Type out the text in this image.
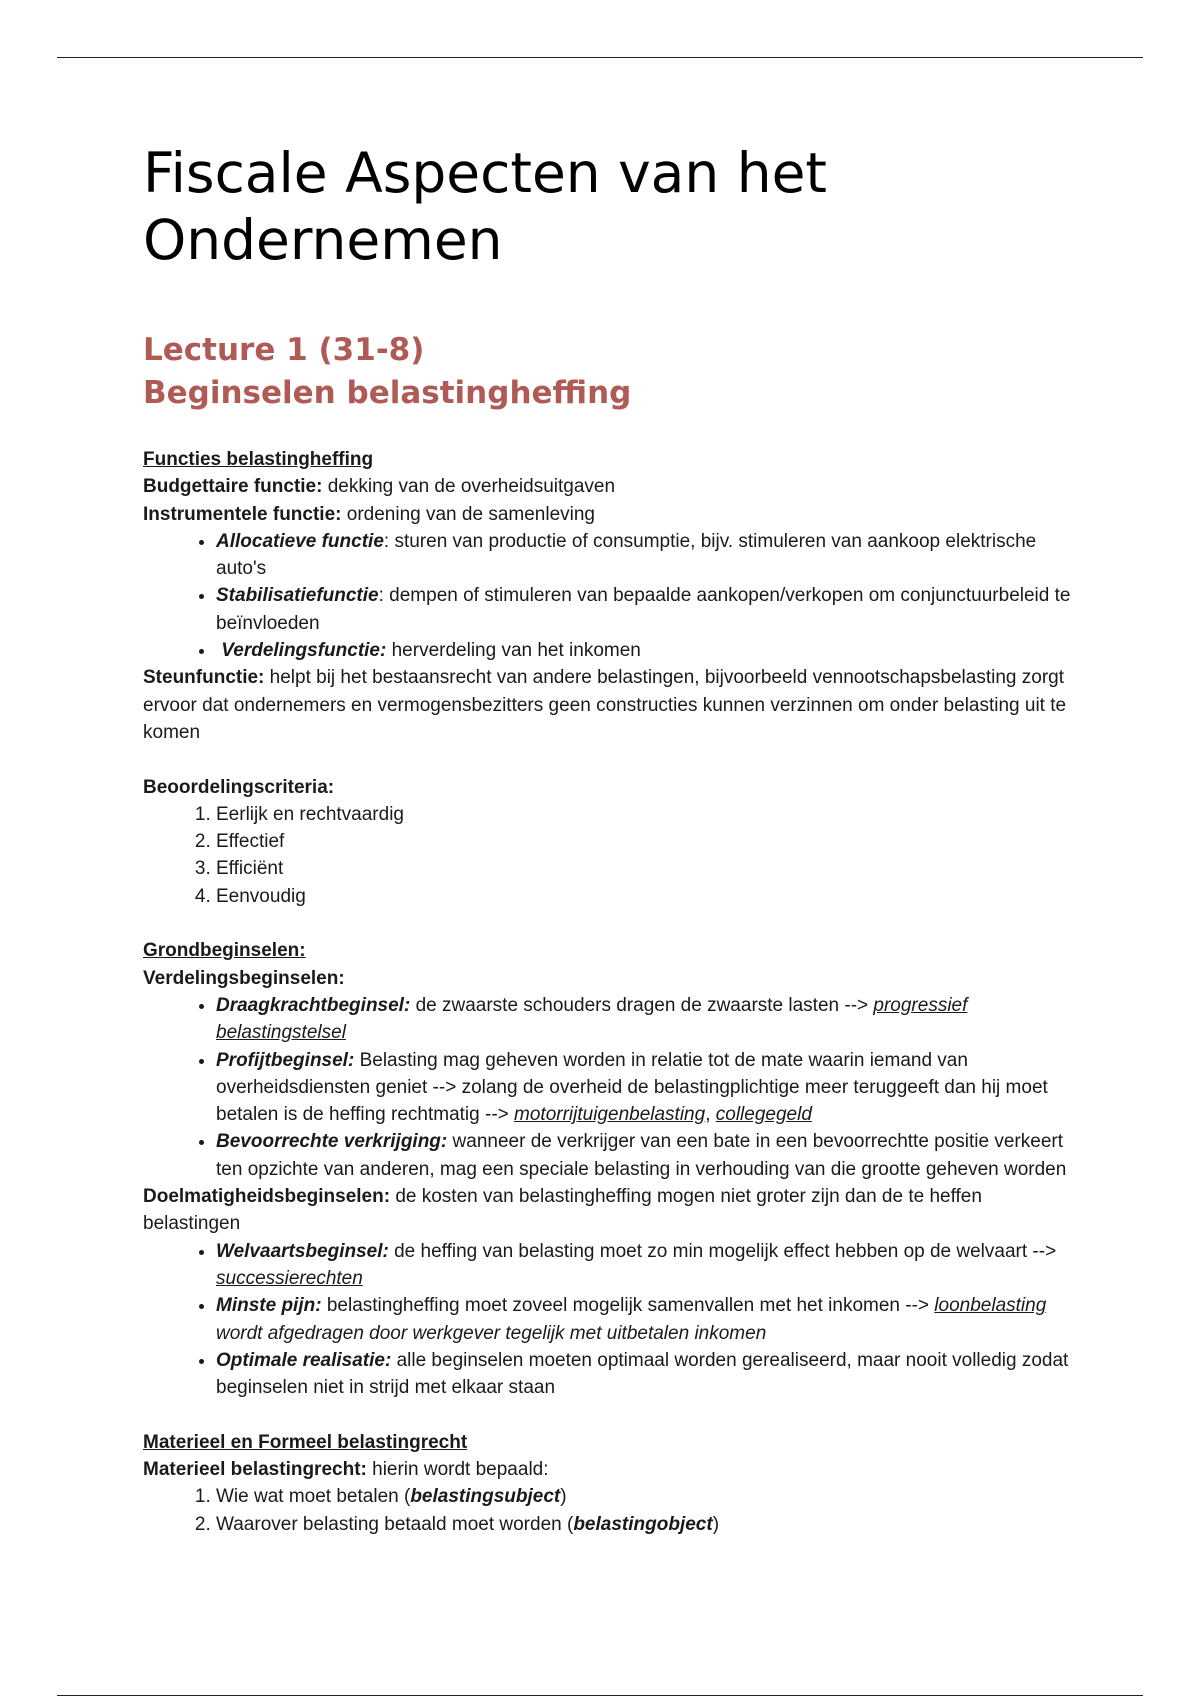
Fiscale Aspecten van het Ondernemen
Lecture 1 (31-8)
Beginselen belastingheffing

Functies belastingheffing

Budgettaire functie: dekking van de overheidsuitgaven

Instrumentele functie: ordening van de samenleving

• Allocatieve functie: sturen van productie of consumptie, bijv. stimuleren van aankoop elektrische auto's
• Stabilisatiefunctie: dempen of stimuleren van bepaalde aankopen/verkopen om conjunctuurbeleid te beïnvloeden
• Verdelingsfunctie: herverdeling van het inkomen

Steunfunctie: helpt bij het bestaansrecht van andere belastingen, bijvoorbeeld vennootschapsbelasting zorgt ervoor dat ondernemers en vermogensbezitters geen constructies kunnen verzinnen om onder belasting uit te komen

Beoordelingscriteria:

1. Eerlijk en rechtvaardig
2. Effectief
3. Efficiënt
4. Eenvoudig

Grondbeginselen:

Verdelingsbeginselen:

• Draagkrachtbeginsel: de zwaarste schouders dragen de zwaarste lasten --> progressief belastingstelsel
• Profijtbeginsel: Belasting mag geheven worden in relatie tot de mate waarin iemand van overheidsdiensten geniet --> zolang de overheid de belastingplichtige meer teruggeeft dan hij moet betalen is de heffing rechtmatig --> motorrijtuigenbelasting, collegegeld
• Bevoorrechte verkrijging: wanneer de verkrijger van een bate in een bevoorrechtte positie verkeert ten opzichte van anderen, mag een speciale belasting in verhouding van die grootte geheven worden

Doelmatigheidsbeginselen: de kosten van belastingheffing mogen niet groter zijn dan de te heffen belastingen

• Welvaartsbeginsel: de heffing van belasting moet zo min mogelijk effect hebben op de welvaart --> successierechten
• Minste pijn: belastingheffing moet zoveel mogelijk samenvallen met het inkomen --> loonbelasting wordt afgedragen door werkgever tegelijk met uitbetalen inkomen
• Optimale realisatie: alle beginselen moeten optimaal worden gerealiseerd, maar nooit volledig zodat beginselen niet in strijd met elkaar staan

Materieel en Formeel belastingrecht

Materieel belastingrecht: hierin wordt bepaald:

1. Wie wat moet betalen (belastingsubject)
2. Waarover belasting betaald moet worden (belastingobject)
